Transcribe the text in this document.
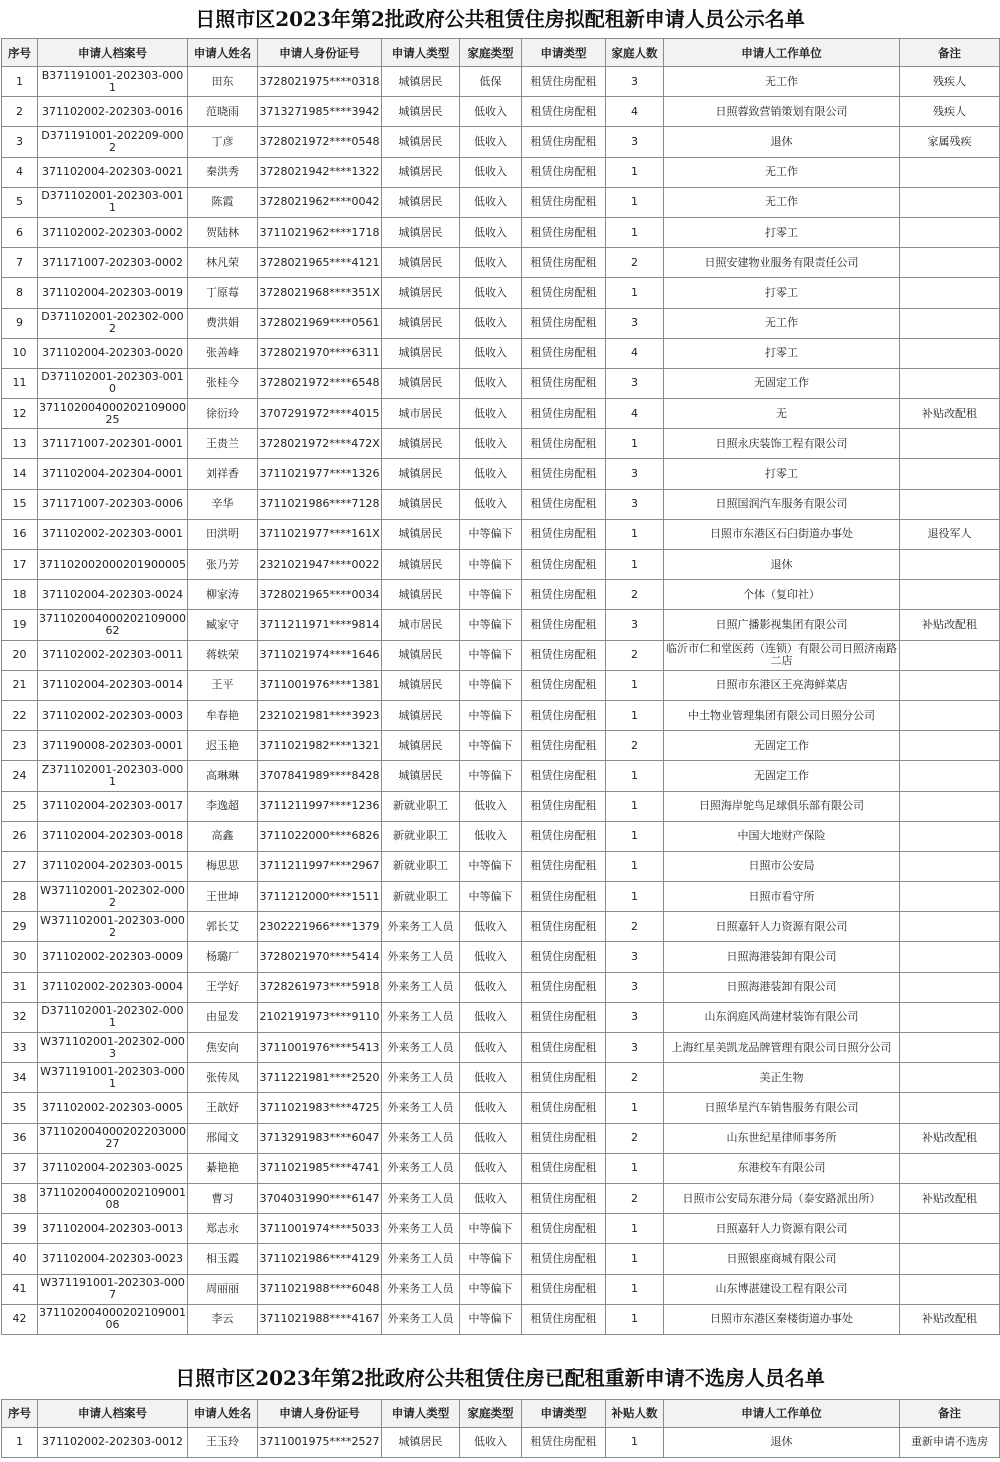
日照市区2023年第2批政府公共租赁住房拟配租新申请人员公示名单
序号	申请人档案号	申请人姓名	申请人身份证号	申请人类型	家庭类型	申请类型	家庭人数	申请人工作单位	备注
1	B371191001-202303-0001	田东	3728021975****0318	城镇居民	低保	租赁住房配租	3	无工作	残疾人
2	371102002-202303-0016	范晓雨	3713271985****3942	城镇居民	低收入	租赁住房配租	4	日照蓉致营销策划有限公司	残疾人
3	D371191001-202209-0002	丁彦	3728021972****0548	城镇居民	低收入	租赁住房配租	3	退休	家属残疾
4	371102004-202303-0021	秦洪秀	3728021942****1322	城镇居民	低收入	租赁住房配租	1	无工作	
5	D371102001-202303-0011	陈霞	3728021962****0042	城镇居民	低收入	租赁住房配租	1	无工作	
6	371102002-202303-0002	贺陆林	3711021962****1718	城镇居民	低收入	租赁住房配租	1	打零工	
7	371171007-202303-0002	林凡荣	3728021965****4121	城镇居民	低收入	租赁住房配租	2	日照安建物业服务有限责任公司	
8	371102004-202303-0019	丁原莓	3728021968****351X	城镇居民	低收入	租赁住房配租	1	打零工	
9	D371102001-202302-0002	费洪娟	3728021969****0561	城镇居民	低收入	租赁住房配租	3	无工作	
10	371102004-202303-0020	张善峰	3728021970****6311	城镇居民	低收入	租赁住房配租	4	打零工	
11	D371102001-202303-0010	张桂今	3728021972****6548	城镇居民	低收入	租赁住房配租	3	无固定工作	
12	37110200400020210900025	徐衍玲	3707291972****4015	城市居民	低收入	租赁住房配租	4	无	补贴改配租
13	371171007-202301-0001	王贵兰	3728021972****472X	城镇居民	低收入	租赁住房配租	1	日照永庆装饰工程有限公司	
14	371102004-202304-0001	刘祥香	3711021977****1326	城镇居民	低收入	租赁住房配租	3	打零工	
15	371171007-202303-0006	辛华	3711021986****7128	城镇居民	低收入	租赁住房配租	3	日照国润汽车服务有限公司	
16	371102002-202303-0001	田洪明	3711021977****161X	城镇居民	中等偏下	租赁住房配租	1	日照市东港区石臼街道办事处	退役军人
17	371102002000201900005	张乃芳	2321021947****0022	城镇居民	中等偏下	租赁住房配租	1	退休	
18	371102004-202303-0024	柳家涛	3728021965****0034	城镇居民	中等偏下	租赁住房配租	2	个体（复印社）	
19	37110200400020210900062	臧家守	3711211971****9814	城市居民	中等偏下	租赁住房配租	3	日照广播影视集团有限公司	补贴改配租
20	371102002-202303-0011	蒋轶荣	3711021974****1646	城镇居民	中等偏下	租赁住房配租	2	临沂市仁和堂医药（连锁）有限公司日照济南路二店	
21	371102004-202303-0014	王平	3711001976****1381	城镇居民	中等偏下	租赁住房配租	1	日照市东港区王亮海鲜菜店	
22	371102002-202303-0003	牟春艳	2321021981****3923	城镇居民	中等偏下	租赁住房配租	1	中土物业管理集团有限公司日照分公司	
23	371190008-202303-0001	迟玉艳	3711021982****1321	城镇居民	中等偏下	租赁住房配租	2	无固定工作	
24	Z371102001-202303-0001	高琳琳	3707841989****8428	城镇居民	中等偏下	租赁住房配租	1	无固定工作	
25	371102004-202303-0017	李逸超	3711211997****1236	新就业职工	低收入	租赁住房配租	1	日照海岸鸵鸟足球俱乐部有限公司	
26	371102004-202303-0018	高鑫	3711022000****6826	新就业职工	低收入	租赁住房配租	1	中国大地财产保险	
27	371102004-202303-0015	梅思思	3711211997****2967	新就业职工	中等偏下	租赁住房配租	1	日照市公安局	
28	W371102001-202302-0002	王世坤	3711212000****1511	新就业职工	中等偏下	租赁住房配租	1	日照市看守所	
29	W371102001-202303-0002	郭长艾	2302221966****1379	外来务工人员	低收入	租赁住房配租	2	日照嘉轩人力资源有限公司	
30	371102002-202303-0009	杨璐厂	3728021970****5414	外来务工人员	低收入	租赁住房配租	3	日照海港装卸有限公司	
31	371102002-202303-0004	王学好	3728261973****5918	外来务工人员	低收入	租赁住房配租	3	日照海港装卸有限公司	
32	D371102001-202302-0001	由显发	2102191973****9110	外来务工人员	低收入	租赁住房配租	3	山东润庭风尚建材装饰有限公司	
33	W371102001-202302-0003	焦安向	3711001976****5413	外来务工人员	低收入	租赁住房配租	3	上海红星美凯龙品牌管理有限公司日照分公司	
34	W371191001-202303-0001	张传凤	3711221981****2520	外来务工人员	低收入	租赁住房配租	2	美正生物	
35	371102002-202303-0005	王歆妤	3711021983****4725	外来务工人员	低收入	租赁住房配租	1	日照华星汽车销售服务有限公司	
36	37110200400020220300027	邢闻文	3713291983****6047	外来务工人员	低收入	租赁住房配租	2	山东世纪星律师事务所	补贴改配租
37	371102004-202303-0025	綦艳艳	3711021985****4741	外来务工人员	低收入	租赁住房配租	1	东港校车有限公司	
38	37110200400020210900108	曹习	3704031990****6147	外来务工人员	低收入	租赁住房配租	2	日照市公安局东港分局（泰安路派出所）	补贴改配租
39	371102004-202303-0013	郑志永	3711001974****5033	外来务工人员	中等偏下	租赁住房配租	1	日照嘉轩人力资源有限公司	
40	371102004-202303-0023	相玉霞	3711021986****4129	外来务工人员	中等偏下	租赁住房配租	1	日照银座商城有限公司	
41	W371191001-202303-0007	周丽丽	3711021988****6048	外来务工人员	中等偏下	租赁住房配租	1	山东博湛建设工程有限公司	
42	37110200400020210900106	李云	3711021988****4167	外来务工人员	中等偏下	租赁住房配租	1	日照市东港区秦楼街道办事处	补贴改配租
日照市区2023年第2批政府公共租赁住房已配租重新申请不选房人员名单
序号	申请人档案号	申请人姓名	申请人身份证号	申请人类型	家庭类型	申请类型	补贴人数	申请人工作单位	备注
1	371102002-202303-0012	王玉玲	3711001975****2527	城镇居民	低收入	租赁住房配租	1	退休	重新申请不选房
